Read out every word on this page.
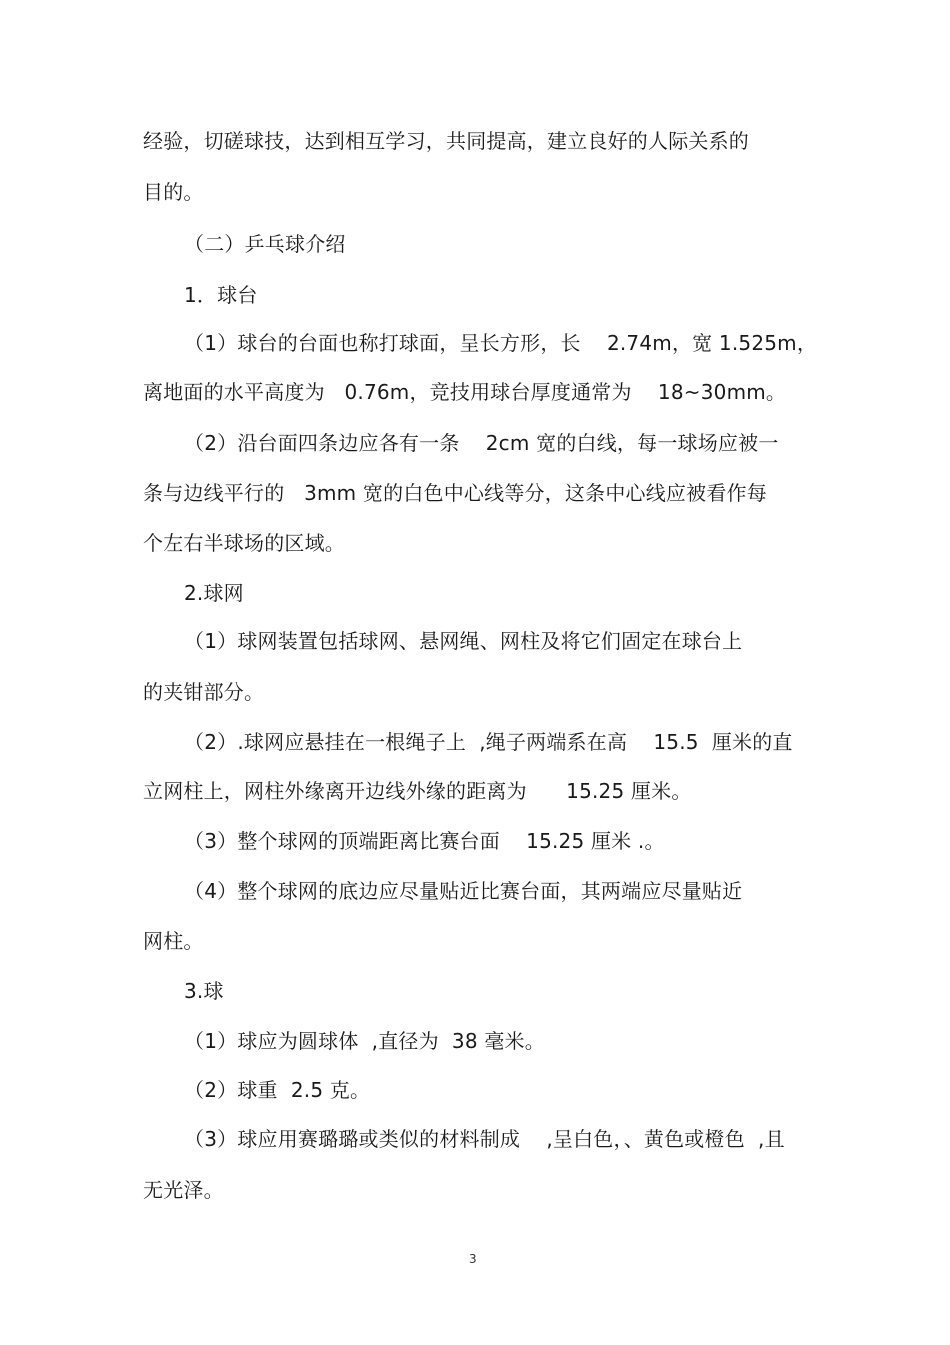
经验，切磋球技，达到相互学习，共同提高，建立良好的人际关系的
目的。
（二）乒乓球介绍
1．球台
（1）球台的台面也称打球面，呈长方形，长    2.74m，宽 1.525m，
离地面的水平高度为   0.76m，竞技用球台厚度通常为    18~30mm。
（2）沿台面四条边应各有一条    2cm 宽的白线，每一球场应被一
条与边线平行的   3mm 宽的白色中心线等分，这条中心线应被看作每
个左右半球场的区域。
2.球网
（1）球网装置包括球网、悬网绳、网柱及将它们固定在球台上
的夹钳部分。
（2）.球网应悬挂在一根绳子上  ,绳子两端系在高    15.5  厘米的直
立网柱上，网柱外缘离开边线外缘的距离为      15.25 厘米。
（3）整个球网的顶端距离比赛台面    15.25 厘米 .。
（4）整个球网的底边应尽量贴近比赛台面，其两端应尽量贴近
网柱。
3.球
（1）球应为圆球体  ,直径为  38 毫米。
（2）球重  2.5 克。
（3）球应用赛璐璐或类似的材料制成    ,呈白色，、黄色或橙色  ,且
无光泽。
3
